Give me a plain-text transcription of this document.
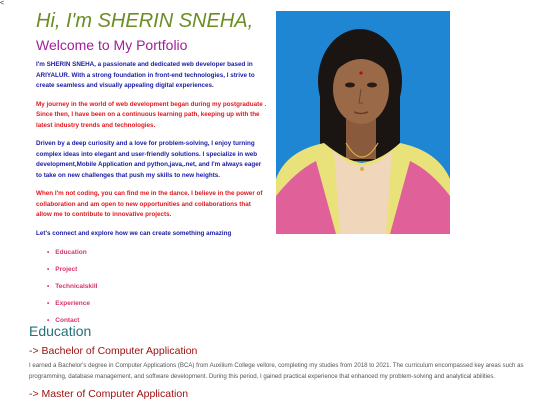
<
Hi, I'm SHERIN SNEHA,
Welcome to My Portfolio

I'm SHERIN SNEHA, a passionate and dedicated web developer based in ARIYALUR. With a strong foundation in front-end technologies, I strive to create seamless and visually appealing digital experiences.

My journey in the world of web development began during my postgraduate . Since then, I have been on a continuous learning path, keeping up with the latest industry trends and technologies.

Driven by a deep curiosity and a love for problem-solving, I enjoy turning complex ideas into elegant and user-friendly solutions. I specialize in web development,Mobile Application and python,java,.net, and I'm always eager to take on new challenges that push my skills to new heights.

When I'm not coding, you can find me in the dance. I believe in the power of collaboration and am open to new opportunities and collaborations that allow me to contribute to innovative projects.

Let's connect and explore how we can create something amazing

• Education
• Project
• Technicalskill
• Experience
• Contact
Education
-> Bachelor of Computer Application

I earned a Bachelor's degree in Computer Applications (BCA) from Auxilium College vellore, completing my studies from 2018 to 2021. The curriculum encompassed key areas such as programming, database management, and software development. During this period, I gained practical experience that enhanced my problem-solving and analytical abilities.

-> Master of Computer Application
